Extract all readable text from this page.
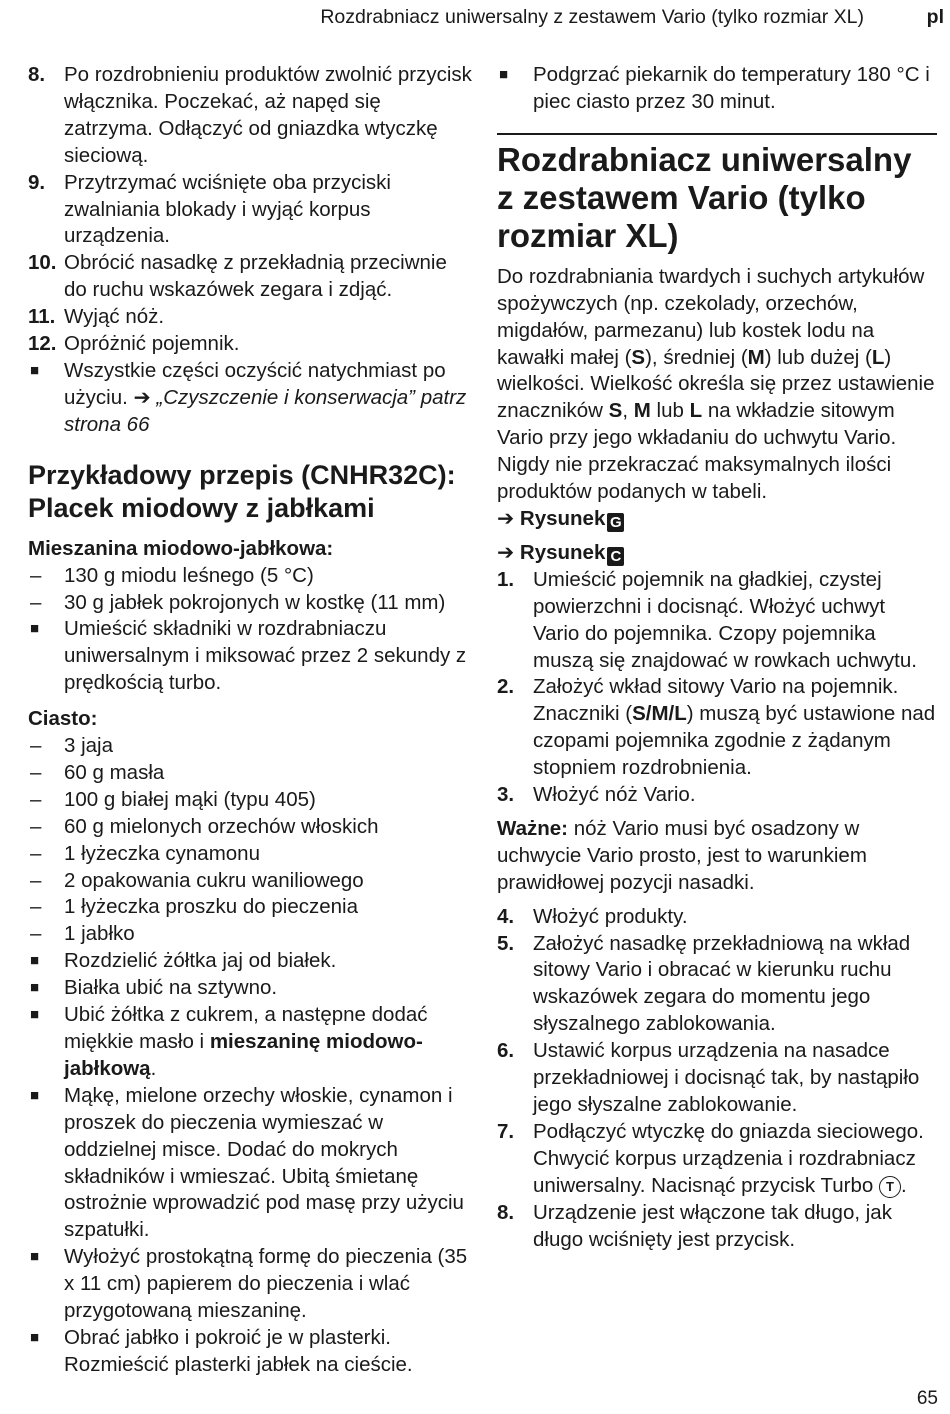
Rozdrabniacz uniwersalny z zestawem Vario (tylko rozmiar XL)	pl
8. Po rozdrobnieniu produktów zwolnić przycisk włącznika. Poczekać, aż napęd się zatrzyma. Odłączyć od gniazdka wtyczkę sieciową.
9. Przytrzymać wciśnięte oba przyciski zwalniania blokady i wyjąć korpus urządzenia.
10. Obrócić nasadkę z przekładnią przeciwnie do ruchu wskazówek zegara i zdjąć.
11. Wyjąć nóż.
12. Opróżnić pojemnik.
■ Wszystkie części oczyścić natychmiast po użyciu. ➔ „Czyszczenie i konserwacja” patrz strona 66
Przykładowy przepis (CNHR32C): Placek miodowy z jabłkami
Mieszanina miodowo-jabłkowa:
– 130 g miodu leśnego (5 °C)
– 30 g jabłek pokrojonych w kostkę (11 mm)
■ Umieścić składniki w rozdrabniaczu uniwersalnym i miksować przez 2 sekundy z prędkością turbo.
Ciasto:
– 3 jaja
– 60 g masła
– 100 g białej mąki (typu 405)
– 60 g mielonych orzechów włoskich
– 1 łyżeczka cynamonu
– 2 opakowania cukru waniliowego
– 1 łyżeczka proszku do pieczenia
– 1 jabłko
■ Rozdzielić żółtka jaj od białek.
■ Białka ubić na sztywno.
■ Ubić żółtka z cukrem, a następne dodać miękkie masło i mieszaninę miodowo-jabłkową.
■ Mąkę, mielone orzechy włoskie, cynamon i proszek do pieczenia wymieszać w oddzielnej misce. Dodać do mokrych składników i wmieszać. Ubitą śmietanę ostrożnie wprowadzić pod masę przy użyciu szpatułki.
■ Wyłożyć prostokątną formę do pieczenia (35 x 11 cm) papierem do pieczenia i wlać przygotowaną mieszaninę.
■ Obrać jabłko i pokroić je w plasterki. Rozmieścić plasterki jabłek na cieście.
■ Podgrzać piekarnik do temperatury 180 °C i piec ciasto przez 30 minut.
Rozdrabniacz uniwersalny z zestawem Vario (tylko rozmiar XL)
Do rozdrabniania twardych i suchych artykułów spożywczych (np. czekolady, orzechów, migdałów, parmezanu) lub kostek lodu na kawałki małej (S), średniej (M) lub dużej (L) wielkości. Wielkość określa się przez ustawienie znaczników S, M lub L na wkładzie sitowym Vario przy jego wkładaniu do uchwytu Vario.
Nigdy nie przekraczać maksymalnych ilości produktów podanych w tabeli.
➔ Rysunek G
➔ Rysunek C
1. Umieścić pojemnik na gładkiej, czystej powierzchni i docisnąć. Włożyć uchwyt Vario do pojemnika. Czopy pojemnika muszą się znajdować w rowkach uchwytu.
2. Założyć wkład sitowy Vario na pojemnik. Znaczniki (S/M/L) muszą być ustawione nad czopami pojemnika zgodnie z żądanym stopniem rozdrobnienia.
3. Włożyć nóż Vario.
Ważne: nóż Vario musi być osadzony w uchwycie Vario prosto, jest to warunkiem prawidłowej pozycji nasadki.
4. Włożyć produkty.
5. Założyć nasadkę przekładniową na wkład sitowy Vario i obracać w kierunku ruchu wskazówek zegara do momentu jego słyszalnego zablokowania.
6. Ustawić korpus urządzenia na nasadce przekładniowej i docisnąć tak, by nastąpiło jego słyszalne zablokowanie.
7. Podłączyć wtyczkę do gniazda sieciowego. Chwycić korpus urządzenia i rozdrabniacz uniwersalny. Nacisnąć przycisk Turbo T .
8. Urządzenie jest włączone tak długo, jak długo wciśnięty jest przycisk.
65
